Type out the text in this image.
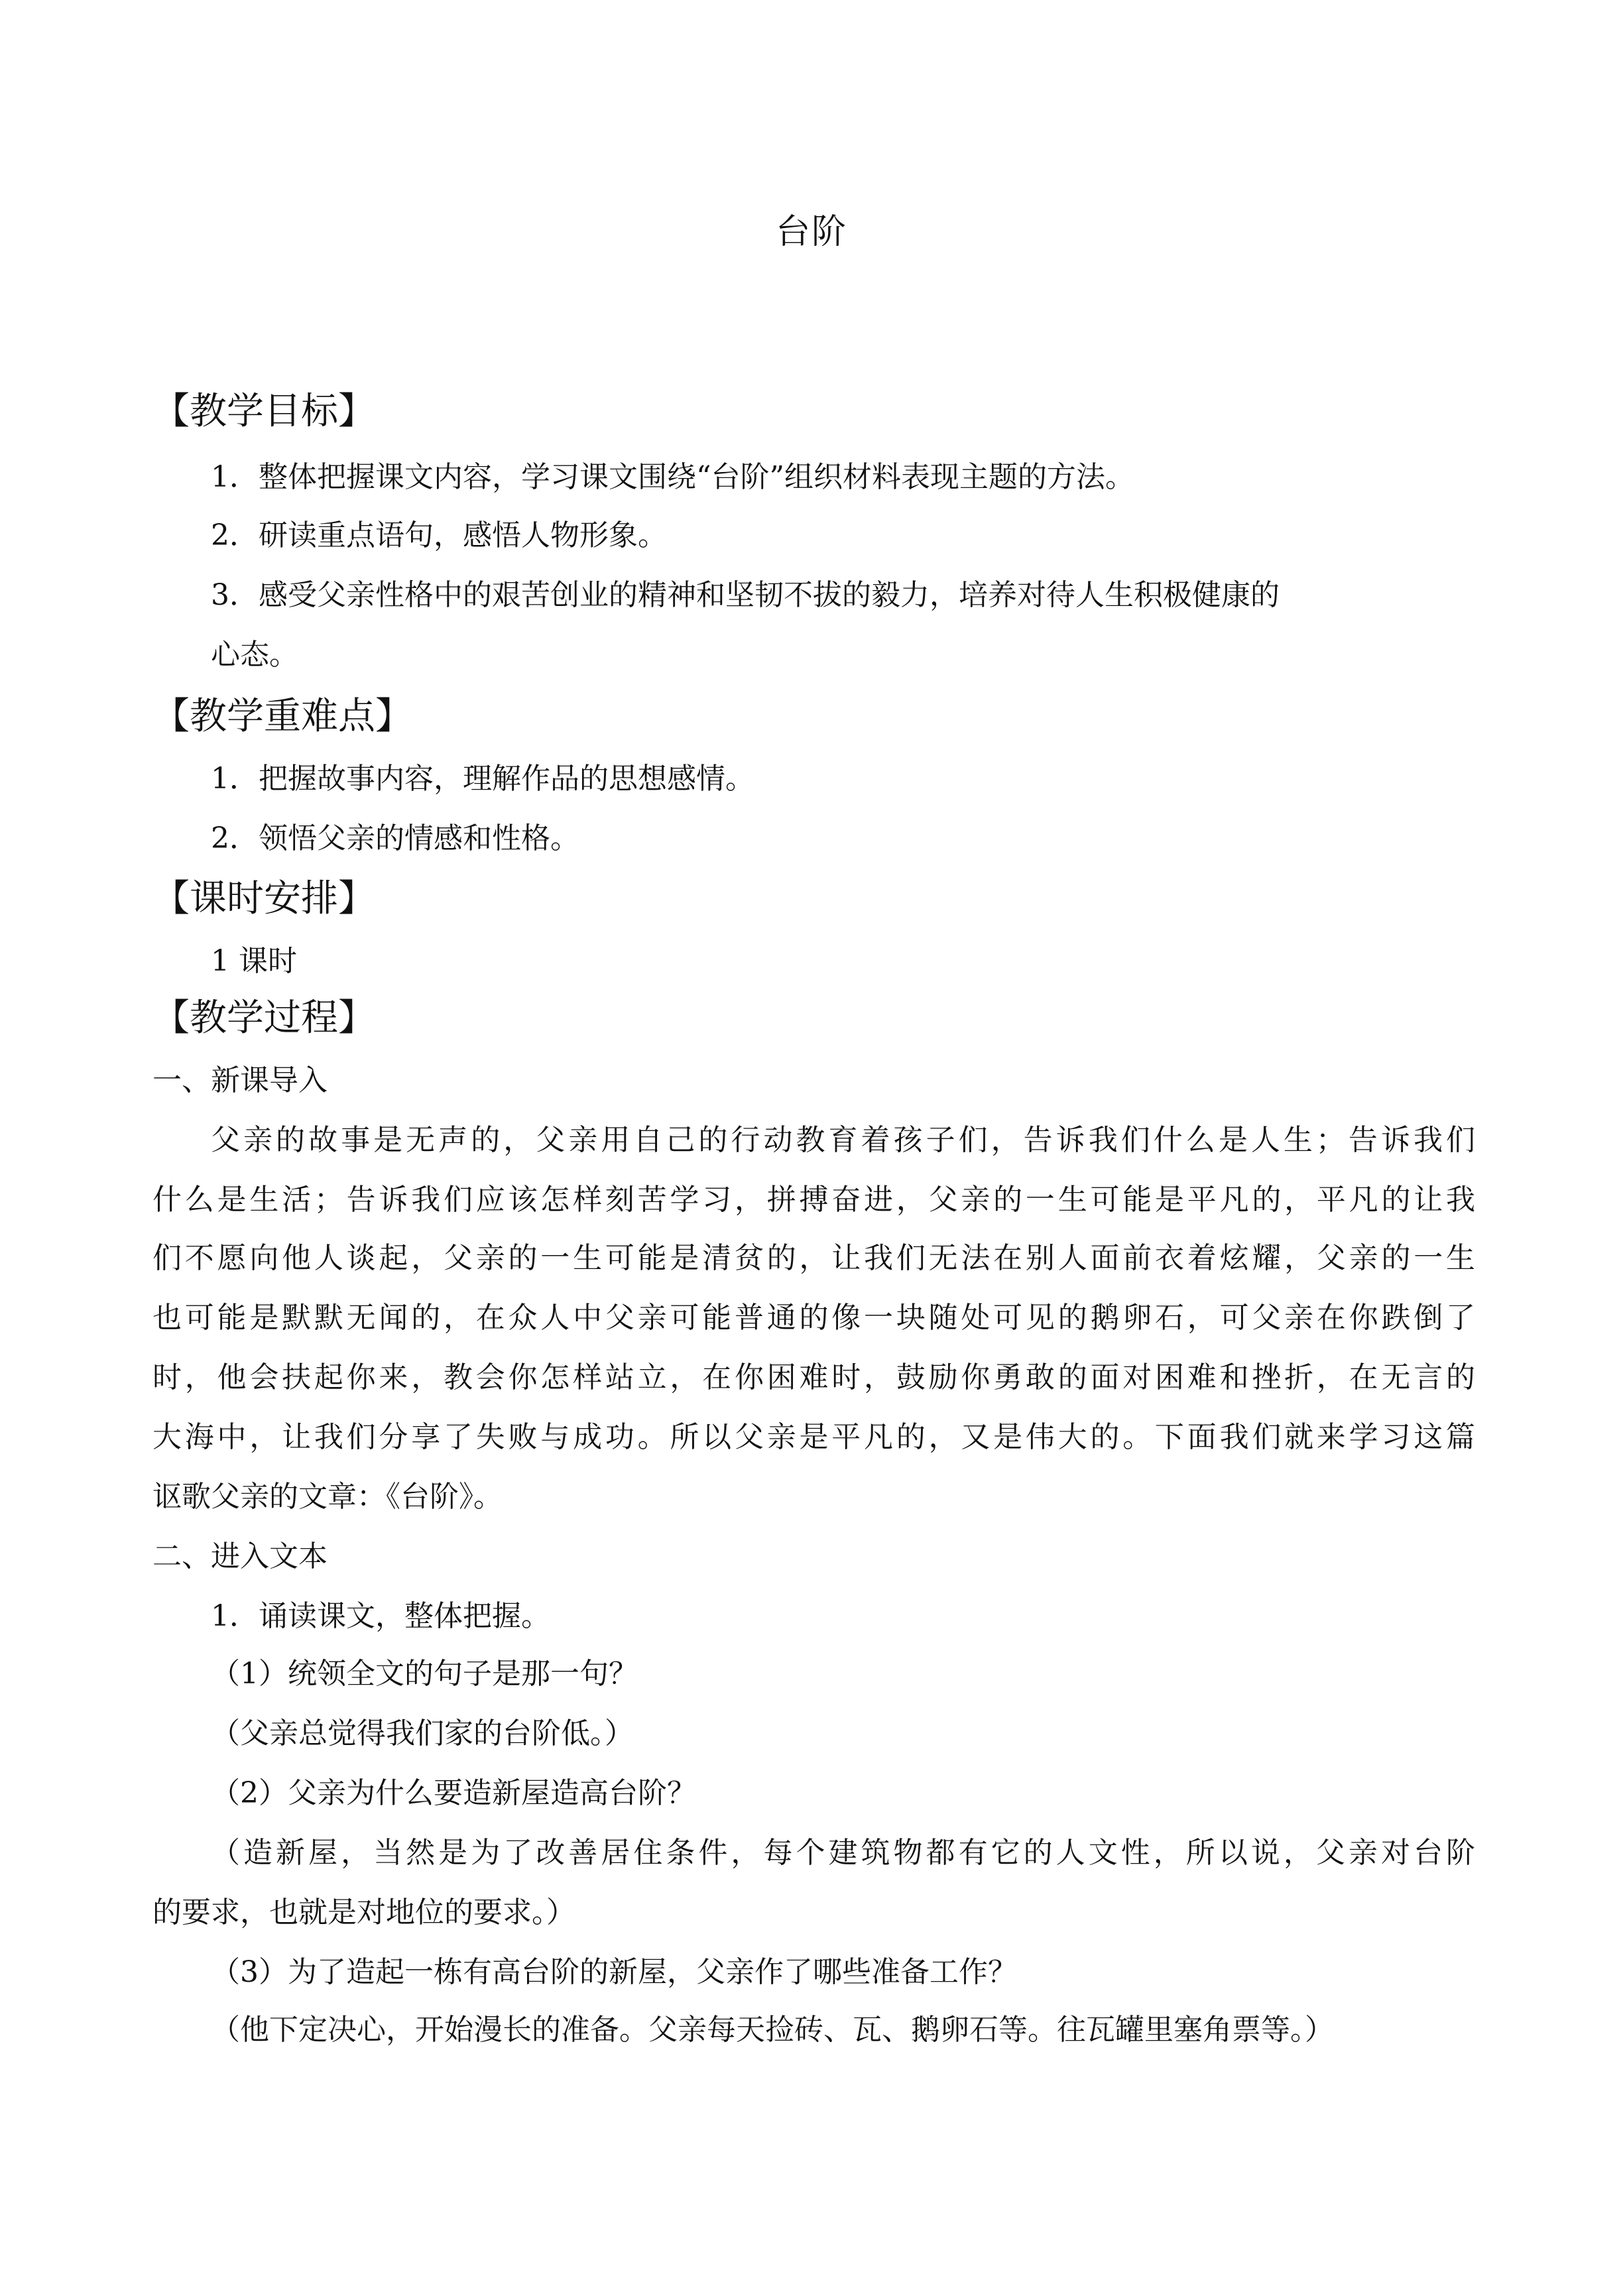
台阶
【教学目标】
1．整体把握课文内容，学习课文围绕“台阶”组织材料表现主题的方法。
2．研读重点语句，感悟人物形象。
3．感受父亲性格中的艰苦创业的精神和坚韧不拔的毅力，培养对待人生积极健康的
心态。
【教学重难点】
1．把握故事内容，理解作品的思想感情。
2．领悟父亲的情感和性格。
【课时安排】
1 课时
【教学过程】
一、新课导入
父亲的故事是无声的，父亲用自己的行动教育着孩子们，告诉我们什么是人生；告诉我们
什么是生活；告诉我们应该怎样刻苦学习，拼搏奋进，父亲的一生可能是平凡的，平凡的让我
们不愿向他人谈起，父亲的一生可能是清贫的，让我们无法在别人面前衣着炫耀，父亲的一生
也可能是默默无闻的，在众人中父亲可能普通的像一块随处可见的鹅卵石，可父亲在你跌倒了
时，他会扶起你来，教会你怎样站立，在你困难时，鼓励你勇敢的面对困难和挫折，在无言的
大海中，让我们分享了失败与成功。所以父亲是平凡的，又是伟大的。下面我们就来学习这篇
讴歌父亲的文章：《台阶》。
二、进入文本
1．诵读课文，整体把握。
（1）统领全文的句子是那一句？
（父亲总觉得我们家的台阶低。）
（2）父亲为什么要造新屋造高台阶？
（造新屋，当然是为了改善居住条件，每个建筑物都有它的人文性，所以说，父亲对台阶
的要求，也就是对地位的要求。）
（3）为了造起一栋有高台阶的新屋，父亲作了哪些准备工作？
（他下定决心，开始漫长的准备。父亲每天捡砖、瓦、鹅卵石等。往瓦罐里塞角票等。）
